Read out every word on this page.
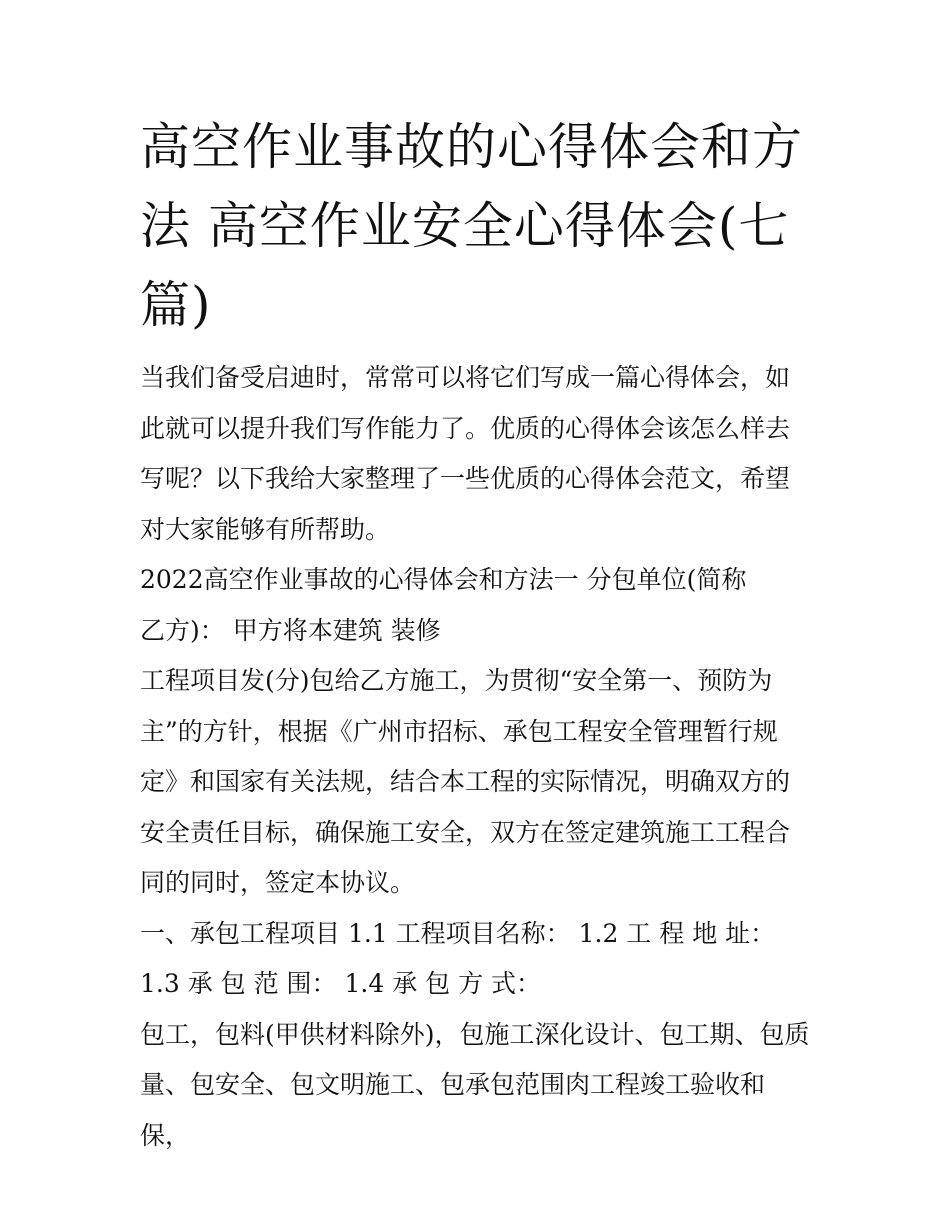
高空作业事故的心得体会和方法 高空作业安全心得体会(七篇)

当我们备受启迪时，常常可以将它们写成一篇心得体会，如此就可以提升我们写作能力了。优质的心得体会该怎么样去写呢？以下我给大家整理了一些优质的心得体会范文，希望对大家能够有所帮助。

2022高空作业事故的心得体会和方法一 分包单位(简称乙方)： 甲方将本建筑 装修

工程项目发(分)包给乙方施工，为贯彻“安全第一、预防为主”的方针，根据《广州市招标、承包工程安全管理暂行规定》和国家有关法规，结合本工程的实际情况，明确双方的安全责任目标，确保施工安全，双方在签定建筑施工工程合同的同时，签定本协议。

一、承包工程项目 1.1 工程项目名称： 1.2 工 程 地 址： 1.3 承 包 范 围： 1.4 承 包 方 式：

包工，包料(甲供材料除外)，包施工深化设计、包工期、包质量、包安全、包文明施工、包承包范围肉工程竣工验收和保，
